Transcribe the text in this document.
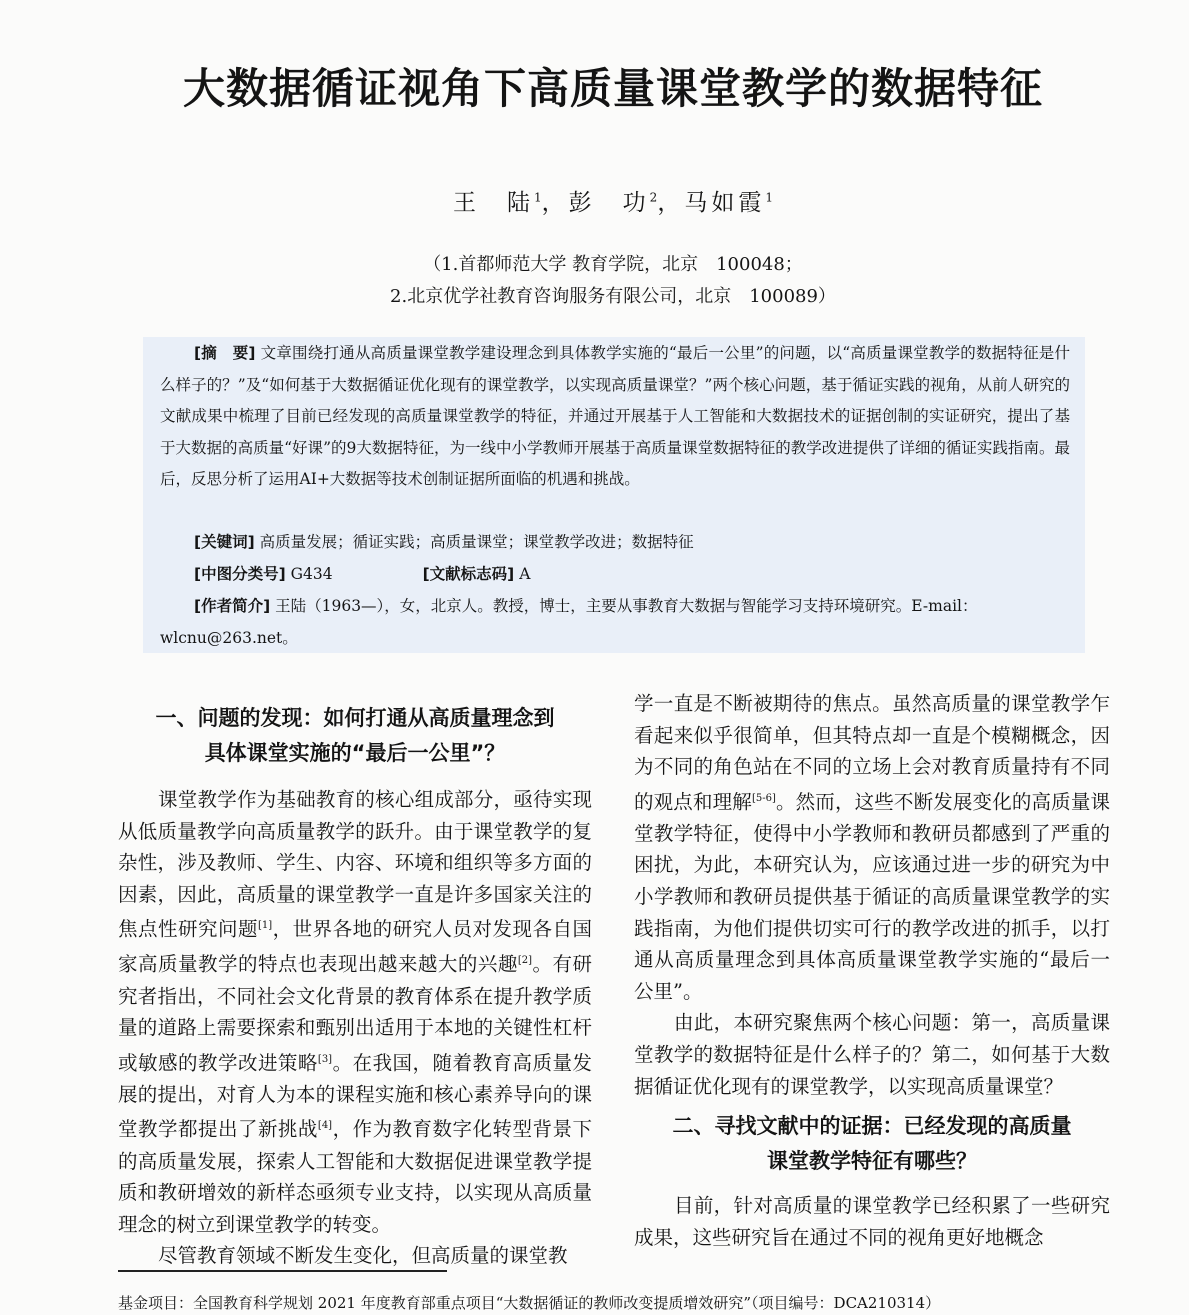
大数据循证视角下高质量课堂教学的数据特征
王　陆$^1$，彭　功$^2$，马如霞$^1$
（1.首都师范大学 教育学院，北京　100048；
2.北京优学社教育咨询服务有限公司，北京　100089）
[摘　要] 文章围绕打通从高质量课堂教学建设理念到具体教学实施的“最后一公里”的问题，以“高质量课堂教学的数据特征是什么样子的？”及“如何基于大数据循证优化现有的课堂教学，以实现高质量课堂？”两个核心问题，基于循证实践的视角，从前人研究的文献成果中梳理了目前已经发现的高质量课堂教学的特征，并通过开展基于人工智能和大数据技术的证据创制的实证研究，提出了基于大数据的高质量“好课”的9大数据特征，为一线中小学教师开展基于高质量课堂数据特征的教学改进提供了详细的循证实践指南。最后，反思分析了运用AI+大数据等技术创制证据所面临的机遇和挑战。
[关键词] 高质量发展；循证实践；高质量课堂；课堂教学改进；数据特征
[中图分类号] G434	[文献标志码] A
[作者简介] 王陆（1963—），女，北京人。教授，博士，主要从事教育大数据与智能学习支持环境研究。E-mail：wlcnu@263.net。
一、问题的发现：如何打通从高质量理念到
具体课堂实施的“最后一公里”？

课堂教学作为基础教育的核心组成部分，亟待实现从低质量教学向高质量教学的跃升。由于课堂教学的复杂性，涉及教师、学生、内容、环境和组织等多方面的因素，因此，高质量的课堂教学一直是许多国家关注的焦点性研究问题[1]，世界各地的研究人员对发现各自国家高质量教学的特点也表现出越来越大的兴趣[2]。有研究者指出，不同社会文化背景的教育体系在提升教学质量的道路上需要探索和甄别出适用于本地的关键性杠杆或敏感的教学改进策略[3]。在我国，随着教育高质量发展的提出，对育人为本的课程实施和核心素养导向的课堂教学都提出了新挑战[4]，作为教育数字化转型背景下的高质量发展，探索人工智能和大数据促进课堂教学提质和教研增效的新样态亟须专业支持，以实现从高质量理念的树立到课堂教学的转变。

尽管教育领域不断发生变化，但高质量的课堂教

学一直是不断被期待的焦点。虽然高质量的课堂教学乍看起来似乎很简单，但其特点却一直是个模糊概念，因为不同的角色站在不同的立场上会对教育质量持有不同的观点和理解[5-6]。然而，这些不断发展变化的高质量课堂教学特征，使得中小学教师和教研员都感到了严重的困扰，为此，本研究认为，应该通过进一步的研究为中小学教师和教研员提供基于循证的高质量课堂教学的实践指南，为他们提供切实可行的教学改进的抓手，以打通从高质量理念到具体高质量课堂教学实施的“最后一公里”。

由此，本研究聚焦两个核心问题：第一，高质量课堂教学的数据特征是什么样子的？第二，如何基于大数据循证优化现有的课堂教学，以实现高质量课堂？

二、寻找文献中的证据：已经发现的高质量
课堂教学特征有哪些？

目前，针对高质量的课堂教学已经积累了一些研究成果，这些研究旨在通过不同的视角更好地概念

基金项目：全国教育科学规划 2021 年度教育部重点项目“大数据循证的教师改变提质增效研究”（项目编号：DCA210314）
